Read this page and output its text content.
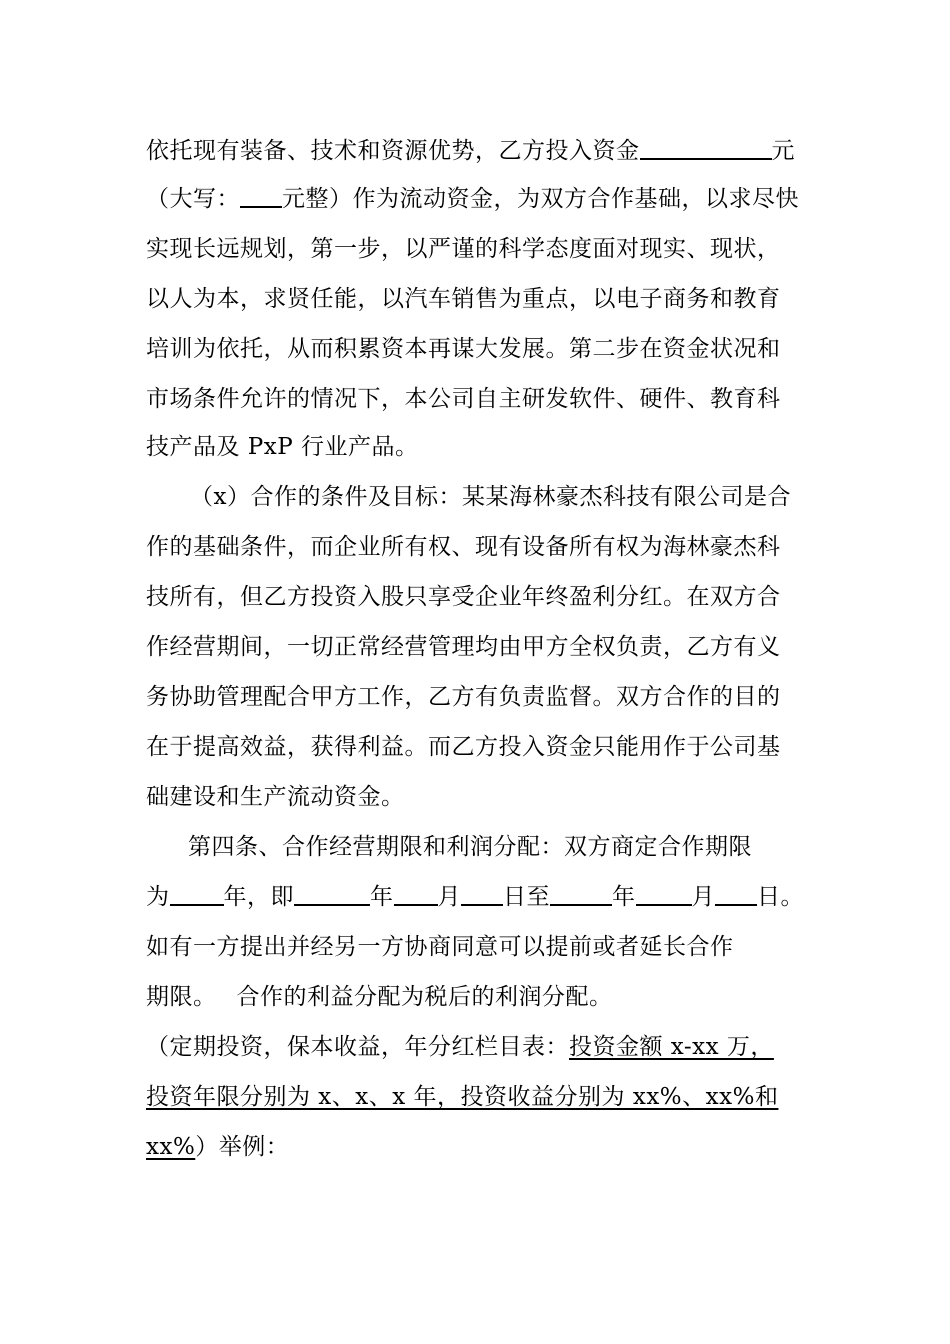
依托现有装备、技术和资源优势，乙方投入资金	元
（大写： 元整）作为流动资金，为双方合作基础，以求尽快
实现长远规划，第一步，以严谨的科学态度面对现实、现状，
以人为本，求贤任能，以汽车销售为重点，以电子商务和教育
培训为依托，从而积累资本再谋大发展。第二步在资金状况和
市场条件允许的情况下，本公司自主研发软件、硬件、教育科
技产品及 PxP 行业产品。
（x）合作的条件及目标：某某海林豪杰科技有限公司是合
作的基础条件，而企业所有权、现有设备所有权为海林豪杰科
技所有，但乙方投资入股只享受企业年终盈利分红。在双方合
作经营期间，一切正常经营管理均由甲方全权负责，乙方有义
务协助管理配合甲方工作，乙方有负责监督。双方合作的目的
在于提高效益，获得利益。而乙方投入资金只能用作于公司基
础建设和生产流动资金。
第四条、合作经营期限和利润分配：双方商定合作期限
为 年，即	年 月 日至	年 月 日。
如有一方提出并经另一方协商同意可以提前或者延长合作
期限。 合作的利益分配为税后的利润分配。
（定期投资，保本收益，年分红栏目表：投资金额 x-xx 万，
投资年限分别为 x、x、x 年，投资收益分别为 xx%、xx%和
xx%）举例：
